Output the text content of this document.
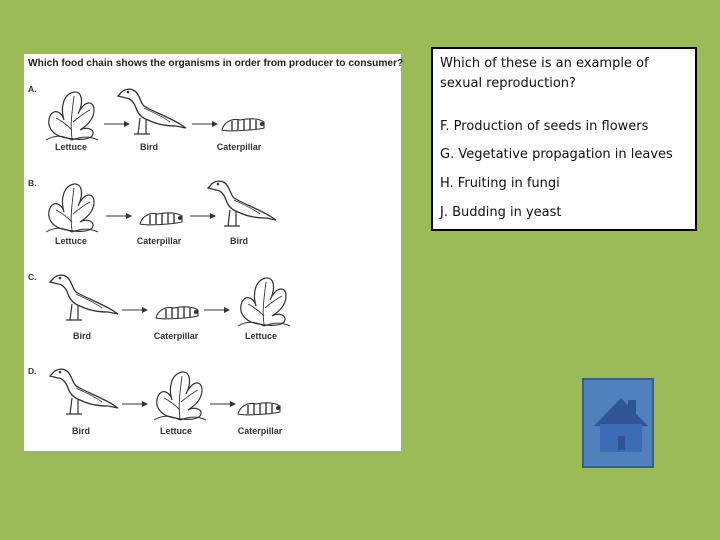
Which food chain shows the organisms in order from producer to consumer?
A.
Lettuce	Bird	Caterpillar
B.
Lettuce	Caterpillar	Bird
C.
Bird	Caterpillar	Lettuce
D.
Bird	Lettuce	Caterpillar
Which of these is an example of sexual reproduction?
F. Production of seeds in flowers
G. Vegetative propagation in leaves
H. Fruiting in fungi
J. Budding in yeast
